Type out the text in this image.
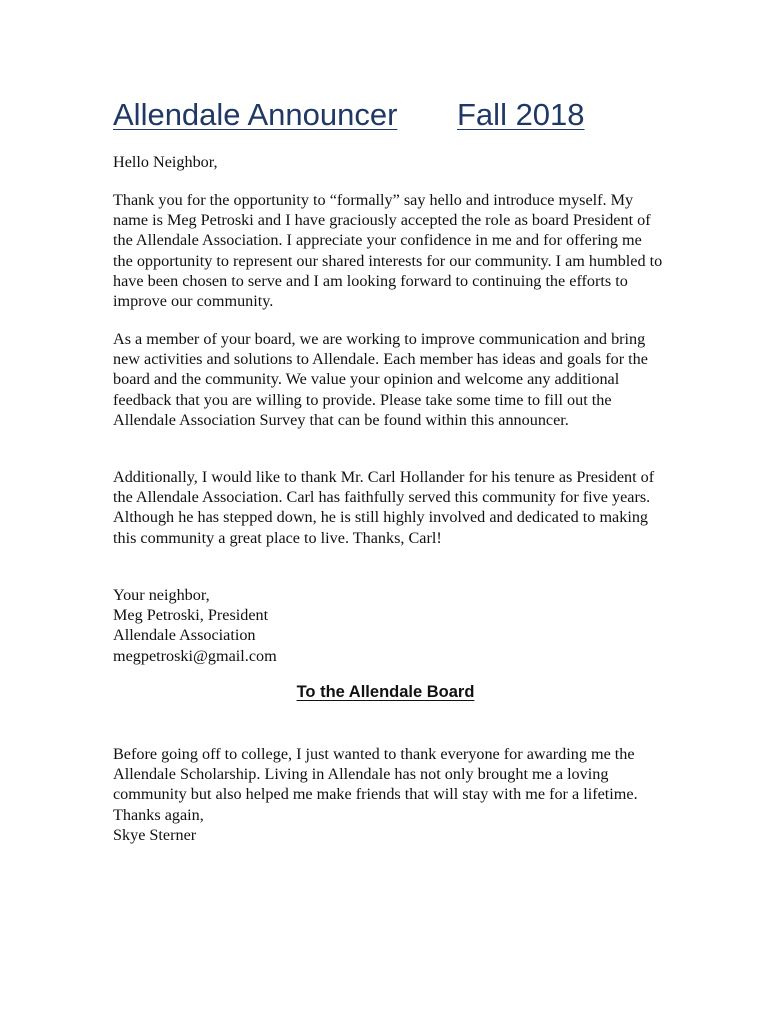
Allendale Announcer Fall 2018

Hello Neighbor,

Thank you for the opportunity to “formally” say hello and introduce myself. My name is Meg Petroski and I have graciously accepted the role as board President of the Allendale Association. I appreciate your confidence in me and for offering me the opportunity to represent our shared interests for our community. I am humbled to have been chosen to serve and I am looking forward to continuing the efforts to improve our community.

As a member of your board, we are working to improve communication and bring new activities and solutions to Allendale. Each member has ideas and goals for the board and the community. We value your opinion and welcome any additional feedback that you are willing to provide. Please take some time to fill out the Allendale Association Survey that can be found within this announcer.

Additionally, I would like to thank Mr. Carl Hollander for his tenure as President of the Allendale Association. Carl has faithfully served this community for five years. Although he has stepped down, he is still highly involved and dedicated to making this community a great place to live. Thanks, Carl!

Your neighbor,
Meg Petroski, President
Allendale Association
megpetroski@gmail.com
To the Allendale Board
Before going off to college, I just wanted to thank everyone for awarding me the Allendale Scholarship. Living in Allendale has not only brought me a loving community but also helped me make friends that will stay with me for a lifetime.
Thanks again,
Skye Sterner
